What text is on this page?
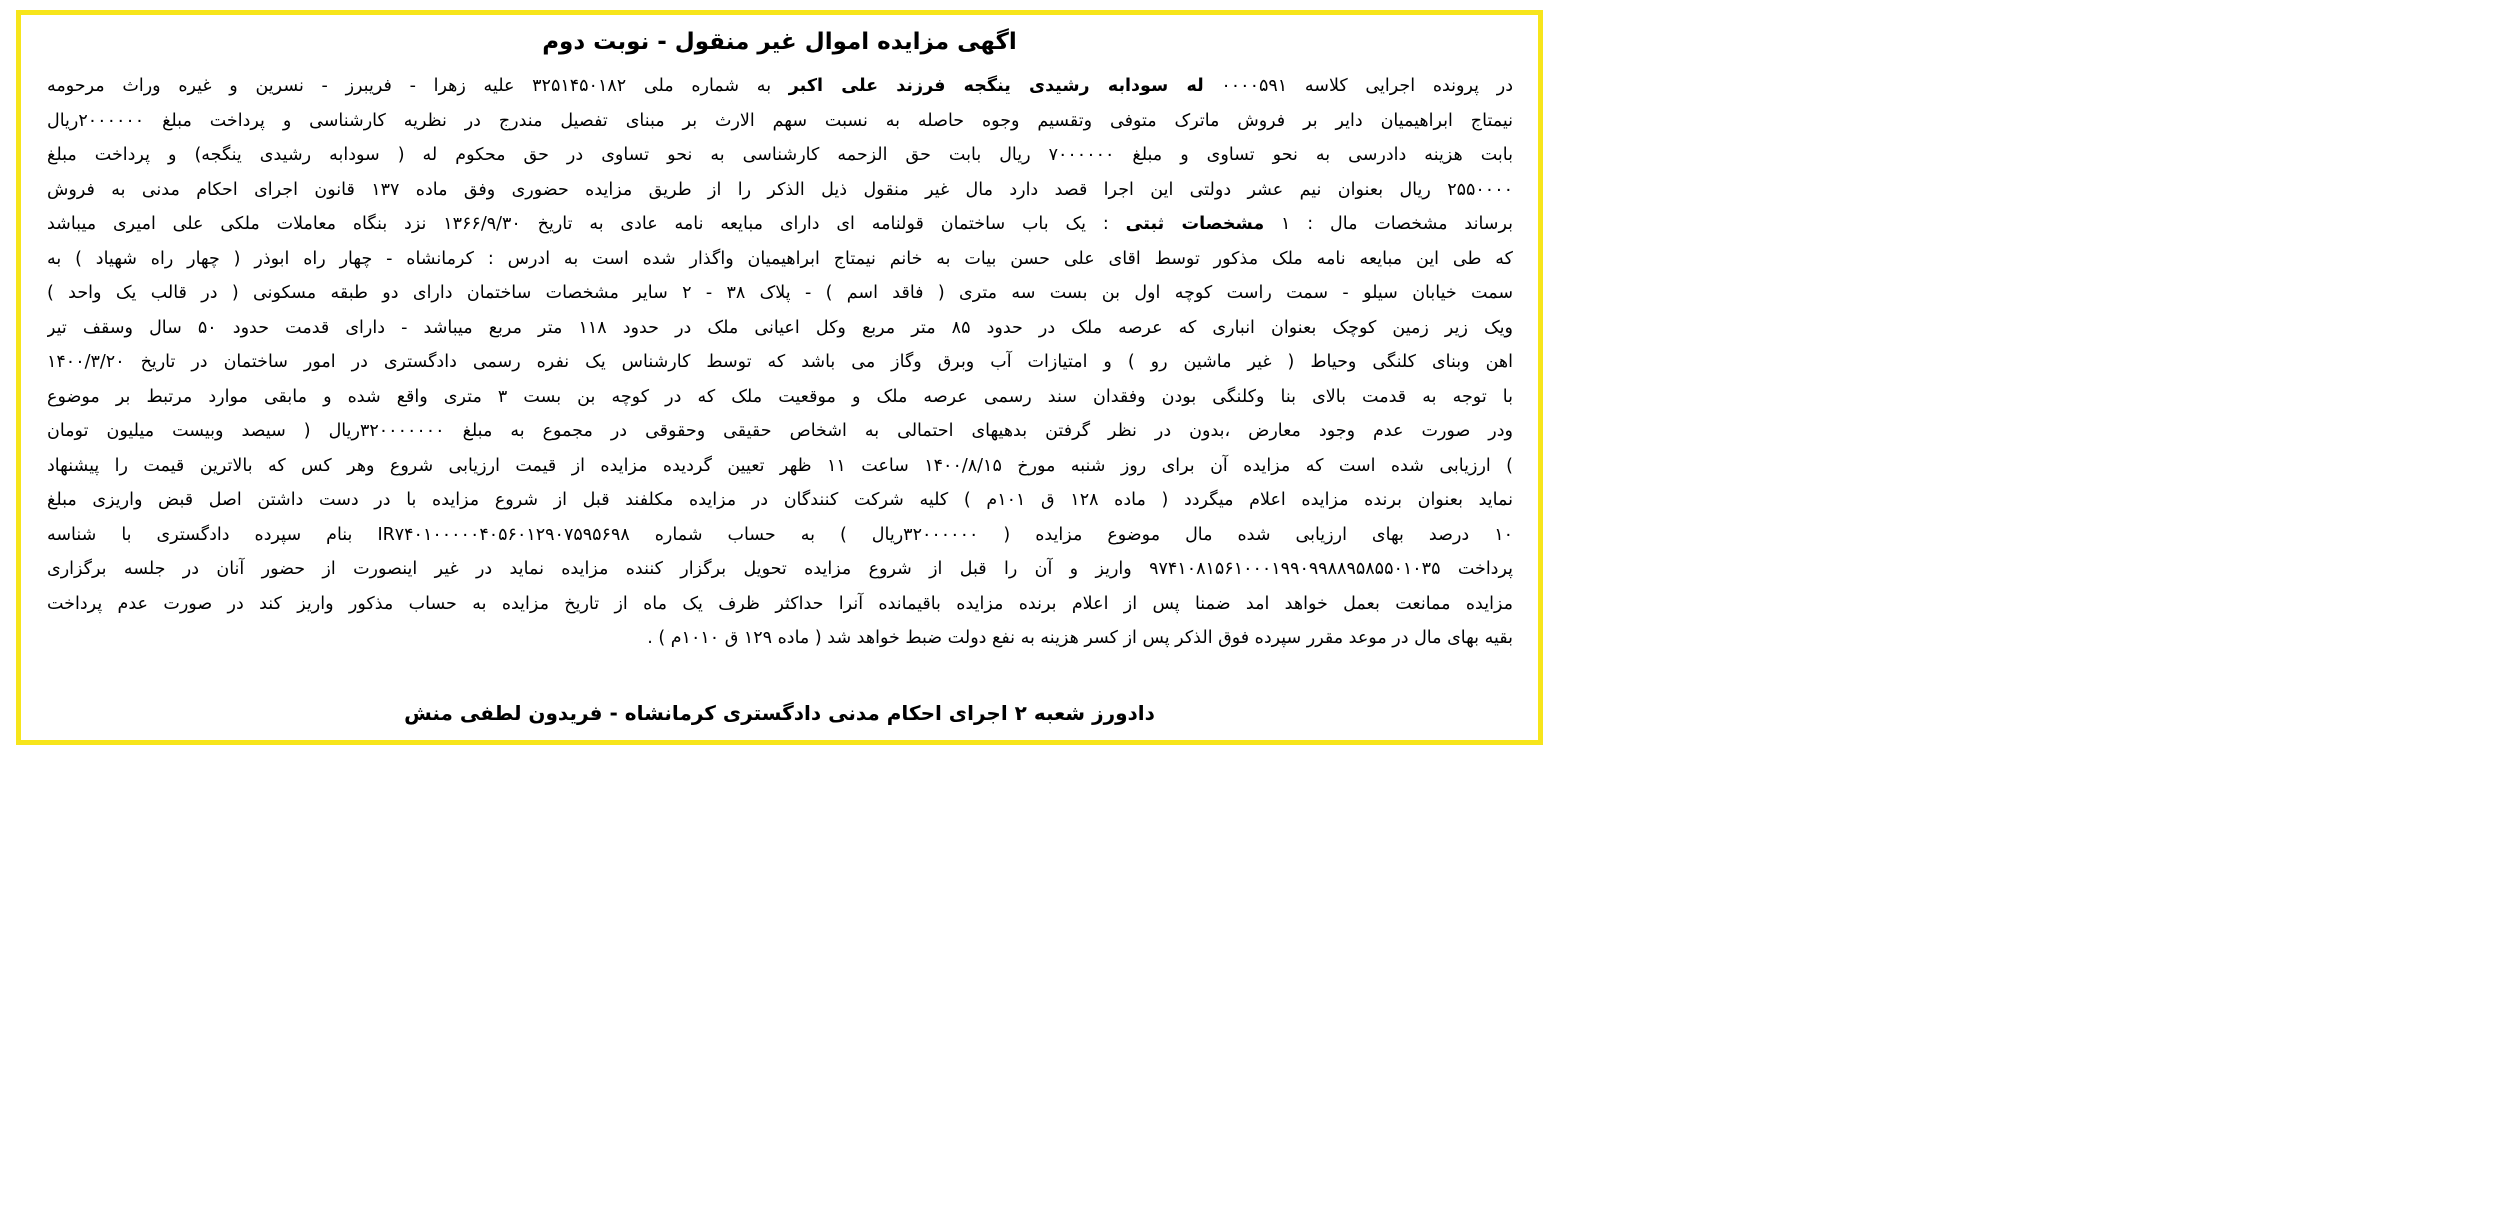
اگهی مزایده اموال غیر منقول - نوبت دوم
در پرونده اجرایی کلاسه ۰۰۰۰۵۹۱ له سودابه رشیدی ینگجه فرزند علی اکبر به شماره ملی ۳۲۵۱۴۵۰۱۸۲ علیه زهرا - فریبرز - نسرین و غیره وراث مرحومه
نیمتاج ابراهیمیان دایر بر فروش ماترک متوفی وتقسیم وجوه حاصله به نسبت سهم الارث بر مبنای تفصیل مندرج در نظریه کارشناسی و پرداخت مبلغ ۲۰۰۰۰۰۰ریال
بابت هزینه دادرسی به نحو تساوی و مبلغ ۷۰۰۰۰۰۰ ریال بابت حق الزحمه کارشناسی به نحو تساوی در حق محکوم له ( سودابه رشیدی ینگجه) و پرداخت مبلغ
۲۵۵۰۰۰۰ ریال بعنوان نیم عشر دولتی این اجرا قصد دارد مال غیر منقول ذیل الذکر را از طریق مزایده حضوری وفق ماده ۱۳۷ قانون اجرای احکام مدنی به فروش
برساند مشخصات مال : ۱ مشخصات ثبتی : یک باب ساختمان قولنامه ای دارای مبایعه نامه عادی به تاریخ ۱۳۶۶/۹/۳۰ نزد بنگاه معاملات ملکی علی امیری میباشد
که طی این مبایعه نامه ملک مذکور توسط اقای علی حسن بیات به خانم نیمتاج ابراهیمیان واگذار شده است به ادرس : کرمانشاه - چهار راه ابوذر ( چهار راه شهیاد ) به
سمت خیابان سیلو - سمت راست کوچه اول بن بست سه متری ( فاقد اسم ) - پلاک ۳۸ - ۲ سایر مشخصات ساختمان دارای دو طبقه مسکونی ( در قالب یک واحد )
ویک زیر زمین کوچک بعنوان انباری که عرصه ملک در حدود ۸۵ متر مربع وکل اعیانی ملک در حدود ۱۱۸ متر مربع میباشد - دارای قدمت حدود ۵۰ سال وسقف تیر
اهن وبنای کلنگی وحیاط ( غیر ماشین رو ) و امتیازات آب وبرق وگاز می باشد که توسط کارشناس یک نفره رسمی دادگستری در امور ساختمان در تاریخ ۱۴۰۰/۳/۲۰
با توجه به قدمت بالای بنا وکلنگی بودن وفقدان سند رسمی عرصه ملک و موقعیت ملک که در کوچه بن بست ۳ متری واقع شده و مابقی موارد مرتبط بر موضوع
ودر صورت عدم وجود معارض ،بدون در نظر گرفتن بدهیهای احتمالی به اشخاص حقیقی وحقوقی در مجموع به مبلغ ۳۲۰۰۰۰۰۰۰ریال ( سیصد وبیست میلیون تومان
) ارزیابی شده است که مزایده آن برای روز شنبه مورخ ۱۴۰۰/۸/۱۵ ساعت ۱۱ ظهر تعیین گردیده مزایده از قیمت ارزیابی شروع وهر کس که بالاترین قیمت را پیشنهاد
نماید بعنوان برنده مزایده اعلام میگردد ( ماده ۱۲۸ ق ۱۰۱م ) کلیه شرکت کنندگان در مزایده مکلفند قبل از شروع مزایده با در دست داشتن اصل قبض واریزی مبلغ
۱۰ درصد بهای ارزیابی شده مال موضوع مزایده ( ۳۲۰۰۰۰۰۰ریال ) به حساب شماره IR۷۴۰۱۰۰۰۰۰۴۰۵۶۰۱۲۹۰۷۵۹۵۶۹۸ بنام سپرده دادگستری با شناسه
پرداخت ۹۷۴۱۰۸۱۵۶۱۰۰۰۱۹۹۰۹۹۸۸۹۵۸۵۵۰۱۰۳۵ واریز و آن را قبل از شروع مزایده تحویل برگزار کننده مزایده نماید در غیر اینصورت از حضور آنان در جلسه برگزاری
مزایده ممانعت بعمل خواهد امد ضمنا پس از اعلام برنده مزایده باقیمانده آنرا حداکثر ظرف یک ماه از تاریخ مزایده به حساب مذکور واریز کند در صورت عدم پرداخت
بقیه بهای مال در موعد مقرر سپرده فوق الذکر پس از کسر هزینه به نفع دولت ضبط خواهد شد ( ماده ۱۲۹ ق ۱۰۱۰م ) .
دادورز شعبه ۲ اجرای احکام مدنی دادگستری کرمانشاه - فریدون لطفی منش
